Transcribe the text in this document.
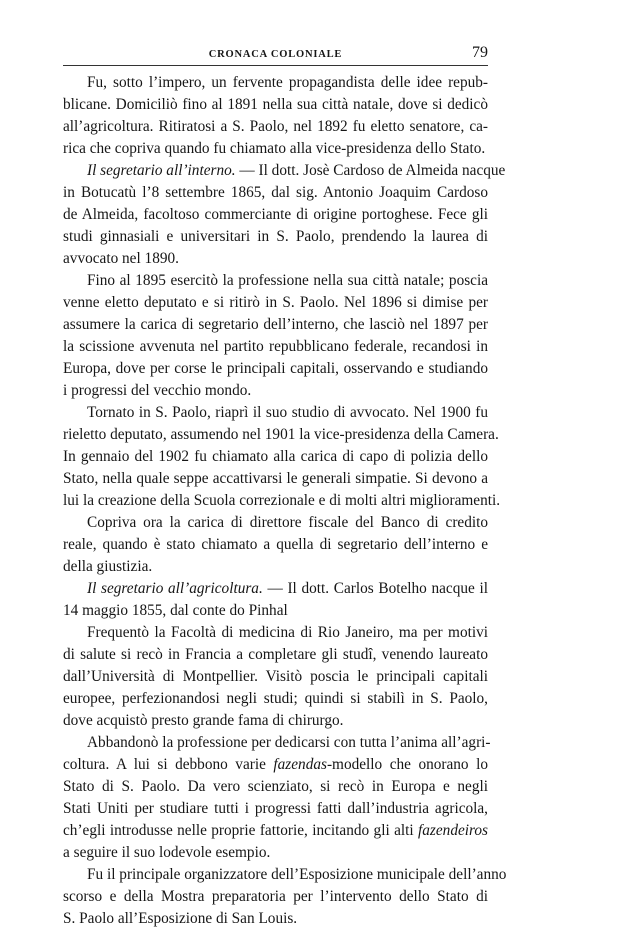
CRONACA COLONIALE	79
Fu, sotto l’impero, un fervente propagandista delle idee repub-
blicane. Domiciliò fino al 1891 nella sua città natale, dove si dedicò
all’agricoltura. Ritiratosi a S. Paolo, nel 1892 fu eletto senatore, ca-
rica che copriva quando fu chiamato alla vice-presidenza dello Stato.
Il segretario all’interno. — Il dott. Josè Cardoso de Almeida nacque
in Botucatù l’8 settembre 1865, dal sig. Antonio Joaquim Cardoso
de Almeida, facoltoso commerciante di origine portoghese. Fece gli
studi ginnasiali e universitari in S. Paolo, prendendo la laurea di
avvocato nel 1890.
Fino al 1895 esercitò la professione nella sua città natale; poscia
venne eletto deputato e si ritirò in S. Paolo. Nel 1896 si dimise per
assumere la carica di segretario dell’interno, che lasciò nel 1897 per
la scissione avvenuta nel partito repubblicano federale, recandosi in
Europa, dove per corse le principali capitali, osservando e studiando
i progressi del vecchio mondo.
Tornato in S. Paolo, riaprì il suo studio di avvocato. Nel 1900 fu
rieletto deputato, assumendo nel 1901 la vice-presidenza della Camera.
In gennaio del 1902 fu chiamato alla carica di capo di polizia dello
Stato, nella quale seppe accattivarsi le generali simpatie. Si devono a
lui la creazione della Scuola correzionale e di molti altri miglioramenti.
Copriva ora la carica di direttore fiscale del Banco di credito
reale, quando è stato chiamato a quella di segretario dell’interno e
della giustizia.
Il segretario all’agricoltura. — Il dott. Carlos Botelho nacque il
14 maggio 1855, dal conte do Pinhal
Frequentò la Facoltà di medicina di Rio Janeiro, ma per motivi
di salute si recò in Francia a completare gli studî, venendo laureato
dall’Università di Montpellier. Visitò poscia le principali capitali
europee, perfezionandosi negli studi; quindi si stabilì in S. Paolo,
dove acquistò presto grande fama di chirurgo.
Abbandonò la professione per dedicarsi con tutta l’anima all’agri-
coltura. A lui si debbono varie fazendas-modello che onorano lo
Stato di S. Paolo. Da vero scienziato, si recò in Europa e negli
Stati Uniti per studiare tutti i progressi fatti dall’industria agricola,
ch’egli introdusse nelle proprie fattorie, incitando gli alti fazendeiros
a seguire il suo lodevole esempio.
Fu il principale organizzatore dell’Esposizione municipale dell’anno
scorso e della Mostra preparatoria per l’intervento dello Stato di
S. Paolo all’Esposizione di San Louis.
